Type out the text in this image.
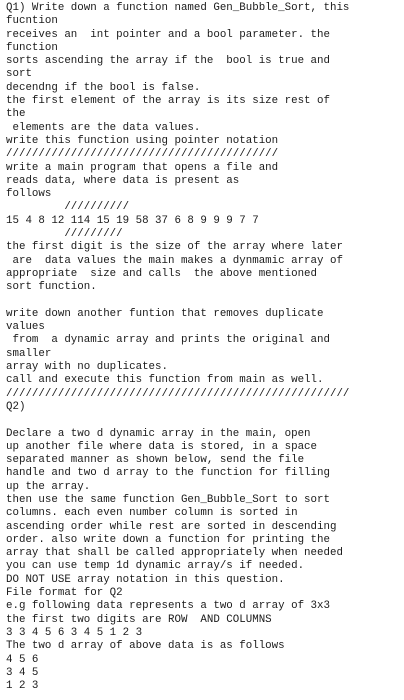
Q1) Write down a function named Gen_Bubble_Sort, this
fucntion
receives an  int pointer and a bool parameter. the
function
sorts ascending the array if the  bool is true and
sort
decendng if the bool is false.
the first element of the array is its size rest of
the
elements are the data values.
write this function using pointer notation
//////////////////////////////////////////
write a main program that opens a file and
reads data, where data is present as
follows
//////////
15 4 8 12 114 15 19 58 37 6 8 9 9 9 7 7
/////////
the first digit is the size of the array where later
are  data values the main makes a dynmamic array of
appropriate  size and calls  the above mentioned
sort function.
write down another funtion that removes duplicate
values
from  a dynamic array and prints the original and
smaller
array with no duplicates.
call and execute this function from main as well.
/////////////////////////////////////////////////////
Q2)
Declare a two d dynamic array in the main, open
up another file where data is stored, in a space
separated manner as shown below, send the file
handle and two d array to the function for filling
up the array.
then use the same function Gen_Bubble_Sort to sort
columns. each even number column is sorted in
ascending order while rest are sorted in descending
order. also write down a function for printing the
array that shall be called appropriately when needed
you can use temp 1d dynamic array/s if needed.
DO NOT USE array notation in this question.
File format for Q2
e.g following data represents a two d array of 3x3
the first two digits are ROW  AND COLUMNS
3 3 4 5 6 3 4 5 1 2 3
The two d array of above data is as follows
4 5 6
3 4 5
1 2 3
